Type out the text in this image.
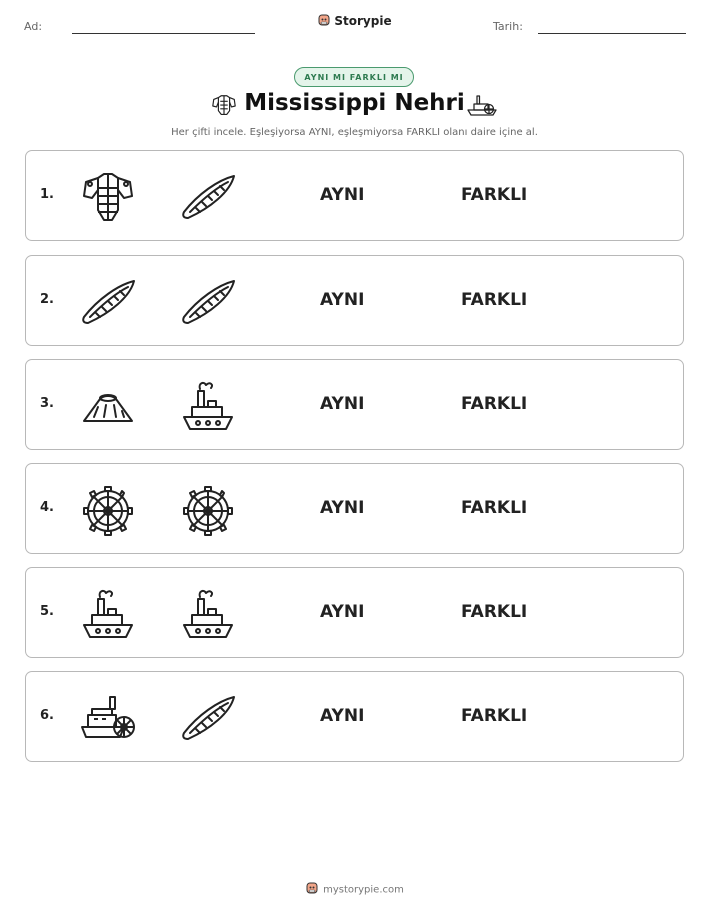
Ad:	Storypie	Tarih:
AYNI MI FARKLI MI
Mississippi Nehri
Her çifti incele. Eşleşiyorsa AYNI, eşleşmiyorsa FARKLI olanı daire içine al.
1.	AYNI	FARKLI
2.	AYNI	FARKLI
3.	AYNI	FARKLI
4.	AYNI	FARKLI
5.	AYNI	FARKLI
6.	AYNI	FARKLI
mystorypie.com
